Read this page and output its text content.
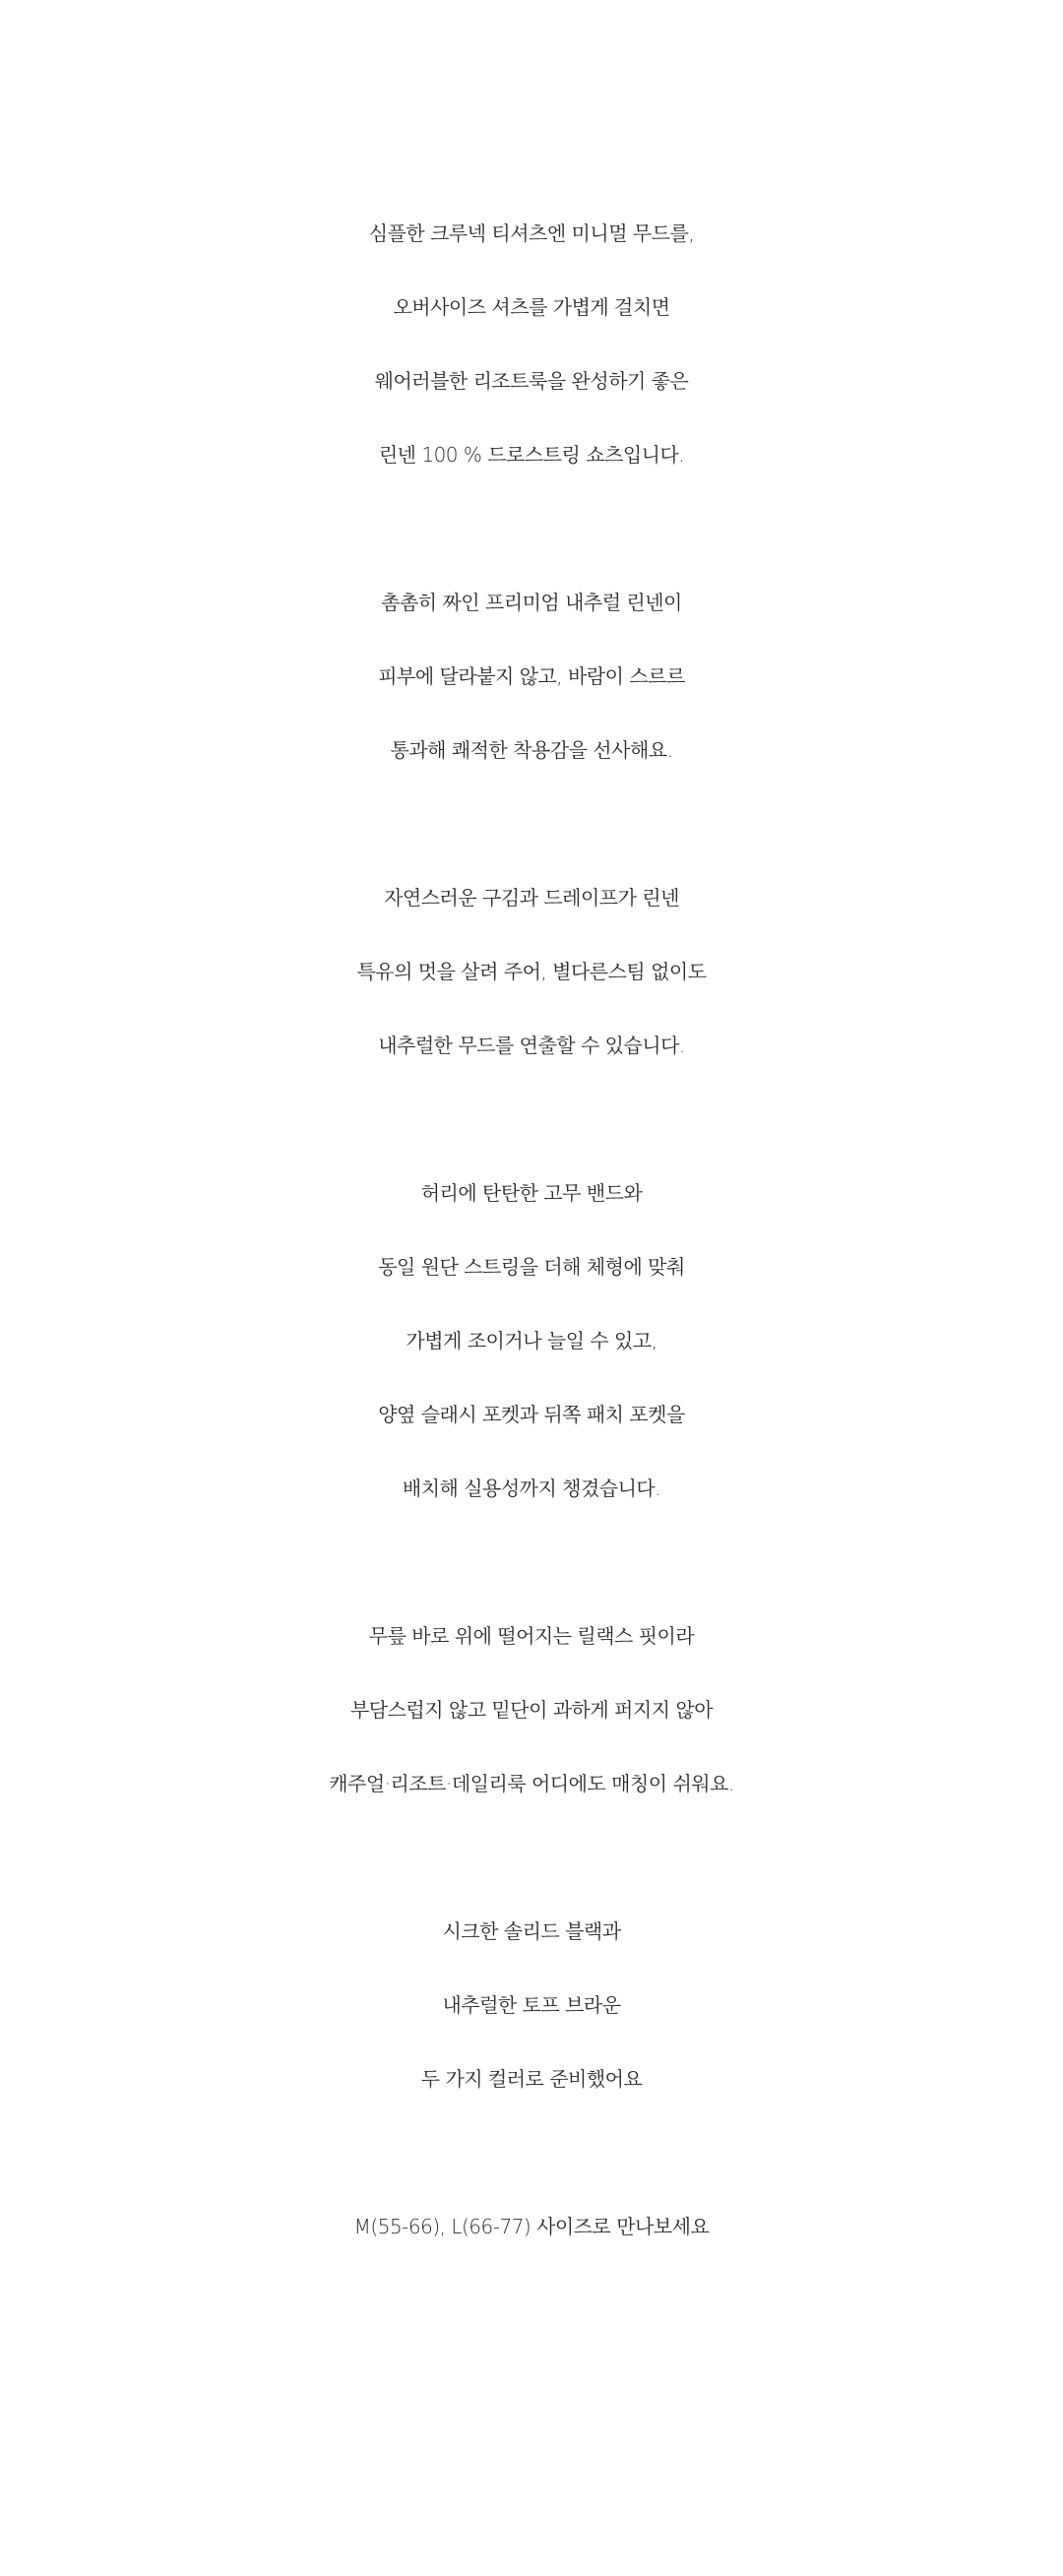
심플한 크루넥 티셔츠엔 미니멀 무드를,
오버사이즈 셔츠를 가볍게 걸치면
웨어러블한 리조트룩을 완성하기 좋은
린넨 100 % 드로스트링 쇼츠입니다.
촘촘히 짜인 프리미엄 내추럴 린넨이
피부에 달라붙지 않고, 바람이 스르르
통과해 쾌적한 착용감을 선사해요.
자연스러운 구김과 드레이프가 린넨
특유의 멋을 살려 주어, 별다른스팀 없이도
내추럴한 무드를 연출할 수 있습니다.
허리에 탄탄한 고무 밴드와
동일 원단 스트링을 더해 체형에 맞춰
가볍게 조이거나 늘일 수 있고,
양옆 슬래시 포켓과 뒤쪽 패치 포켓을
배치해 실용성까지 챙겼습니다.
무릎 바로 위에 떨어지는 릴랙스 핏이라
부담스럽지 않고 밑단이 과하게 퍼지지 않아
캐주얼·리조트·데일리룩 어디에도 매칭이 쉬워요.
시크한 솔리드 블랙과
내추럴한 토프 브라운
두 가지 컬러로 준비했어요
M(55-66), L(66-77) 사이즈로 만나보세요
